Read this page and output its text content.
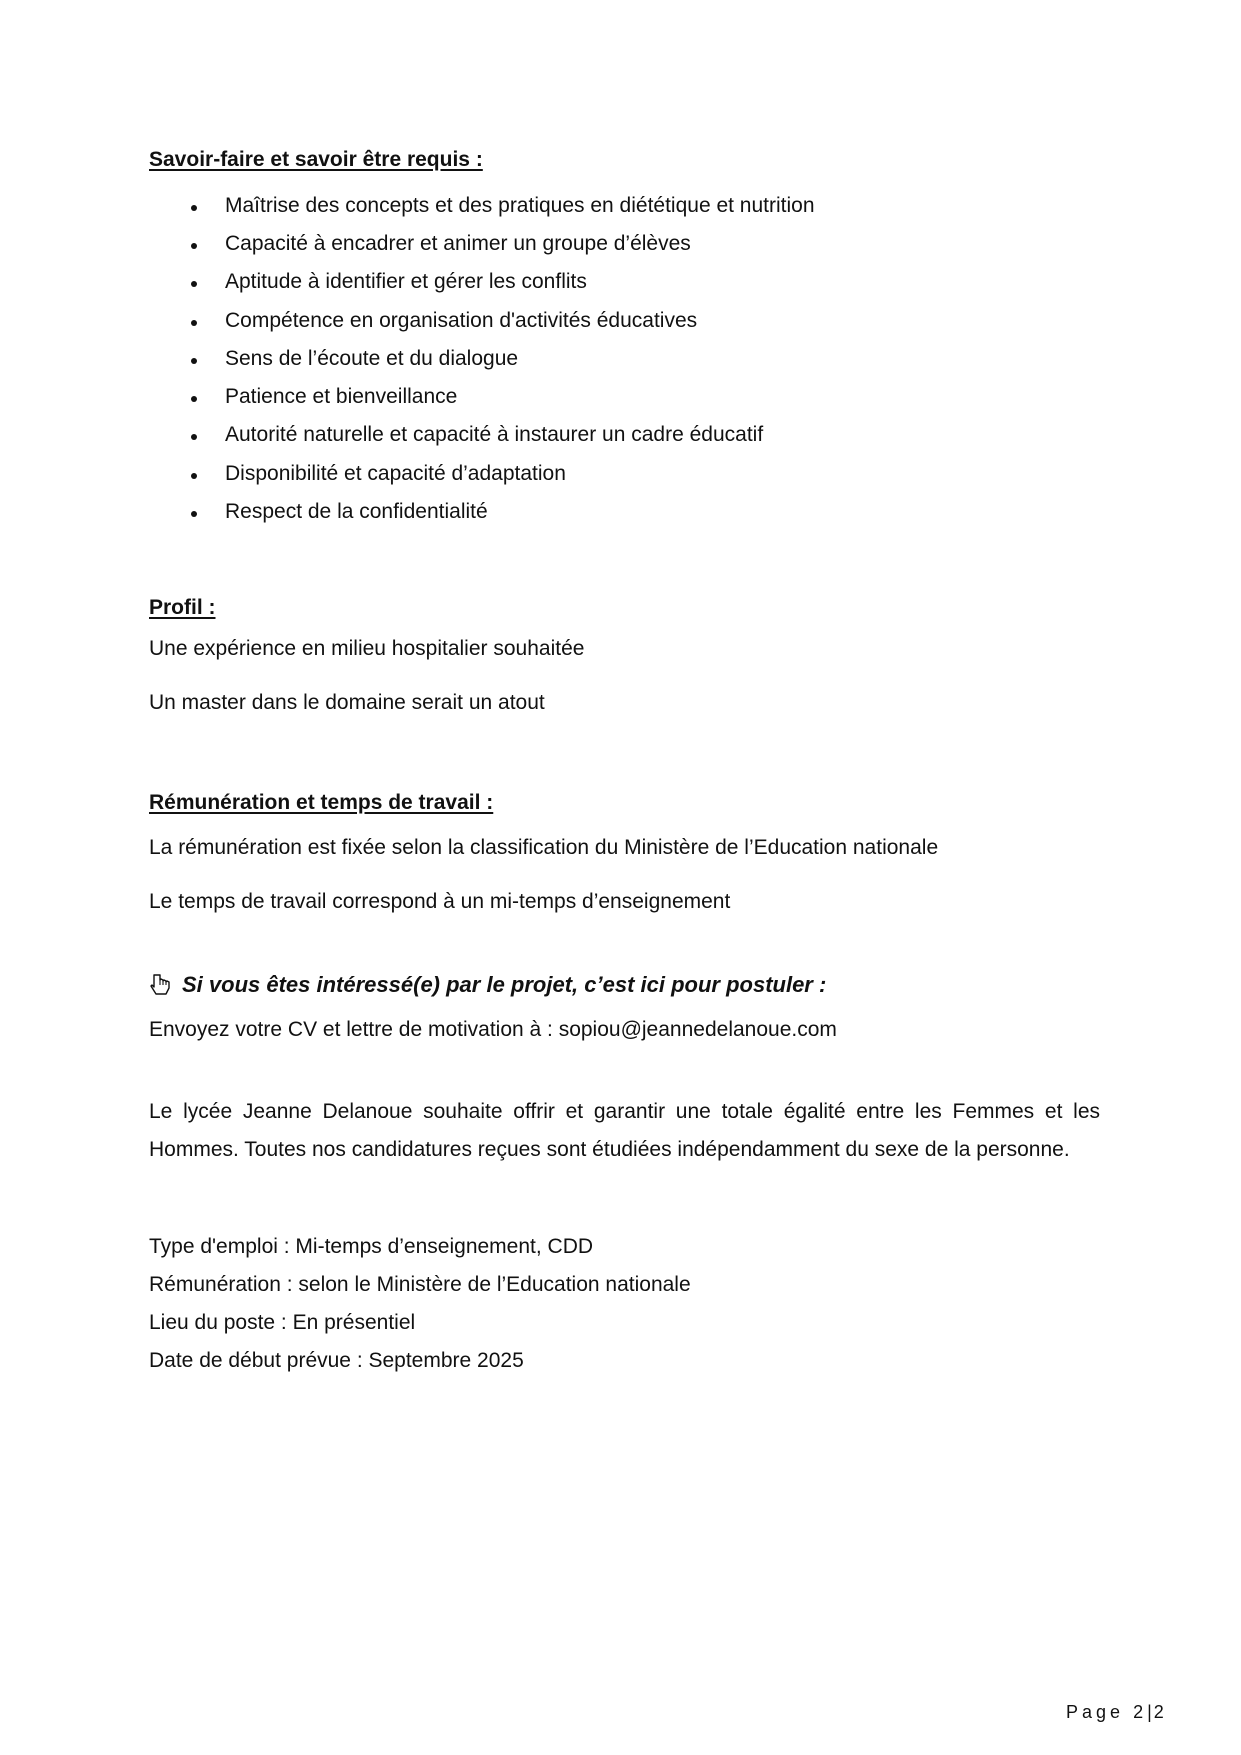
Savoir-faire et savoir être requis :
Maîtrise des concepts et des pratiques en diététique et nutrition
Capacité à encadrer et animer un groupe d’élèves
Aptitude à identifier et gérer les conflits
Compétence en organisation d'activités éducatives
Sens de l’écoute et du dialogue
Patience et bienveillance
Autorité naturelle et capacité à instaurer un cadre éducatif
Disponibilité et capacité d’adaptation
Respect de la confidentialité
Profil :
Une expérience en milieu hospitalier souhaitée
Un master dans le domaine serait un atout
Rémunération et temps de travail :
La rémunération est fixée selon la classification du Ministère de l’Education nationale
Le temps de travail correspond à un mi-temps d’enseignement
Si vous êtes intéressé(e) par le projet, c’est ici pour postuler :
Envoyez votre CV et lettre de motivation à : sopiou@jeannedelanoue.com
Le lycée Jeanne Delanoue souhaite offrir et garantir une totale égalité entre les Femmes et les
Hommes. Toutes nos candidatures reçues sont étudiées indépendamment du sexe de la personne.
Type d'emploi : Mi-temps d’enseignement, CDD
Rémunération : selon le Ministère de l’Education nationale
Lieu du poste : En présentiel
Date de début prévue : Septembre 2025
Page 2| 2
